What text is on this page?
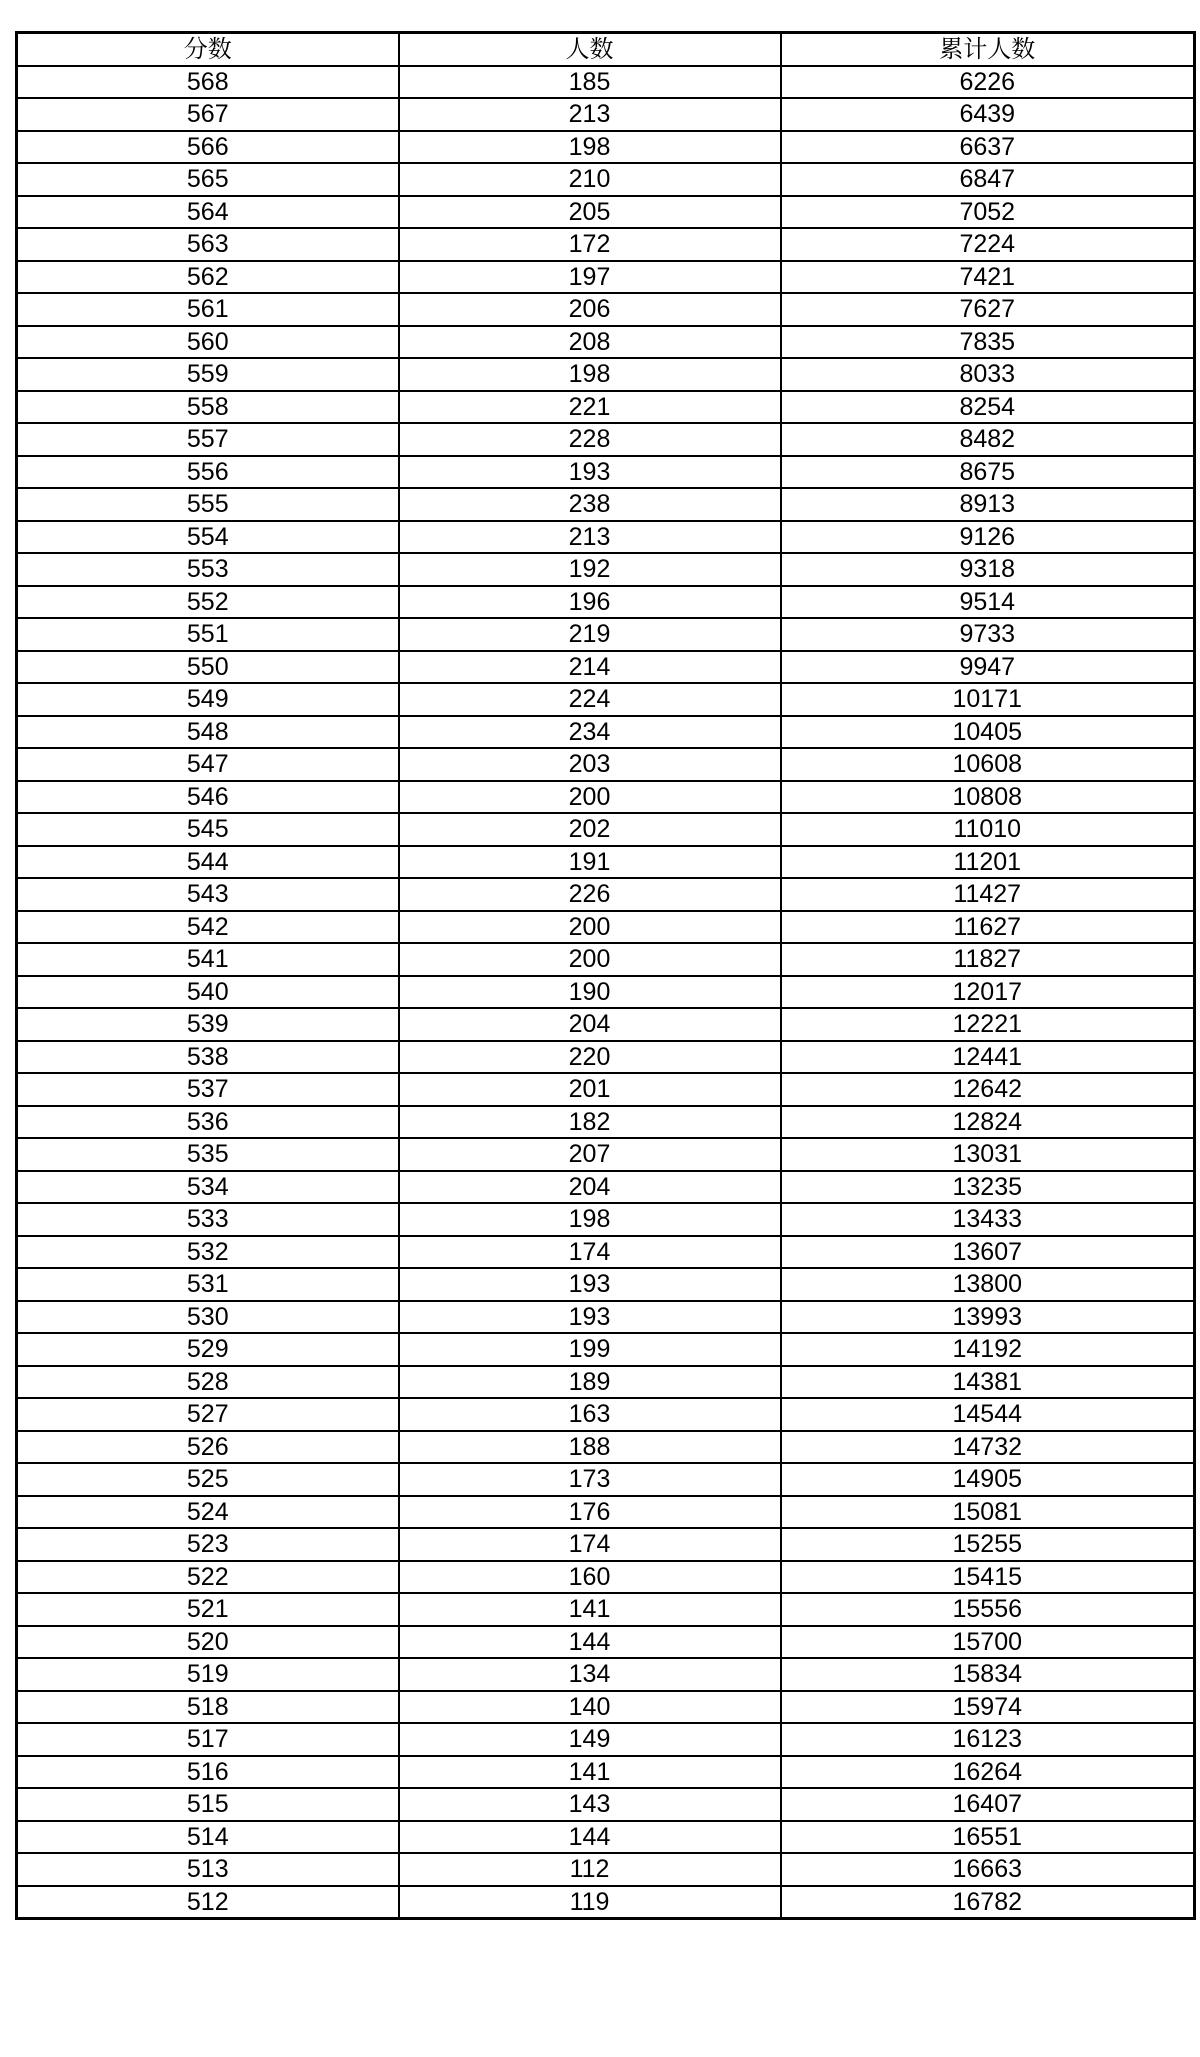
分数	人数	累计人数
568	185	6226
567	213	6439
566	198	6637
565	210	6847
564	205	7052
563	172	7224
562	197	7421
561	206	7627
560	208	7835
559	198	8033
558	221	8254
557	228	8482
556	193	8675
555	238	8913
554	213	9126
553	192	9318
552	196	9514
551	219	9733
550	214	9947
549	224	10171
548	234	10405
547	203	10608
546	200	10808
545	202	11010
544	191	11201
543	226	11427
542	200	11627
541	200	11827
540	190	12017
539	204	12221
538	220	12441
537	201	12642
536	182	12824
535	207	13031
534	204	13235
533	198	13433
532	174	13607
531	193	13800
530	193	13993
529	199	14192
528	189	14381
527	163	14544
526	188	14732
525	173	14905
524	176	15081
523	174	15255
522	160	15415
521	141	15556
520	144	15700
519	134	15834
518	140	15974
517	149	16123
516	141	16264
515	143	16407
514	144	16551
513	112	16663
512	119	16782
